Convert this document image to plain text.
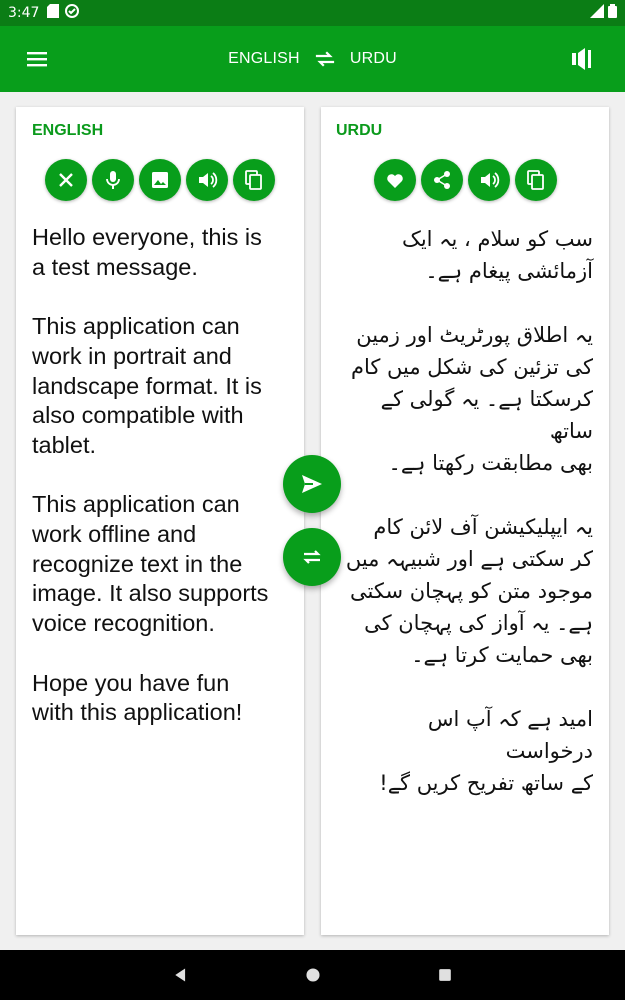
3:47
ENGLISH	URDU
ENGLISH
Hello everyone, this is
a test message.

This application can
work in portrait and
landscape format. It is
also compatible with
tablet.

This application can
work offline and
recognize text in the
image. It also supports
voice recognition.

Hope you have fun
with this application!
URDU
سب کو سلام ، یہ ایک
آزمائشی پیغام ہے۔

یہ اطلاق پورٹریٹ اور زمین
کی تزئین کی شکل میں کام
کرسکتا ہے۔ یہ گولی کے ساتھ
بھی مطابقت رکھتا ہے۔

یہ ایپلیکیشن آف لائن کام
کر سکتی ہے اور شبیہہ میں
موجود متن کو پہچان سکتی
ہے۔ یہ آواز کی پہچان کی
بھی حمایت کرتا ہے۔

امید ہے کہ آپ اس درخواست
کے ساتھ تفریح کریں گے!
